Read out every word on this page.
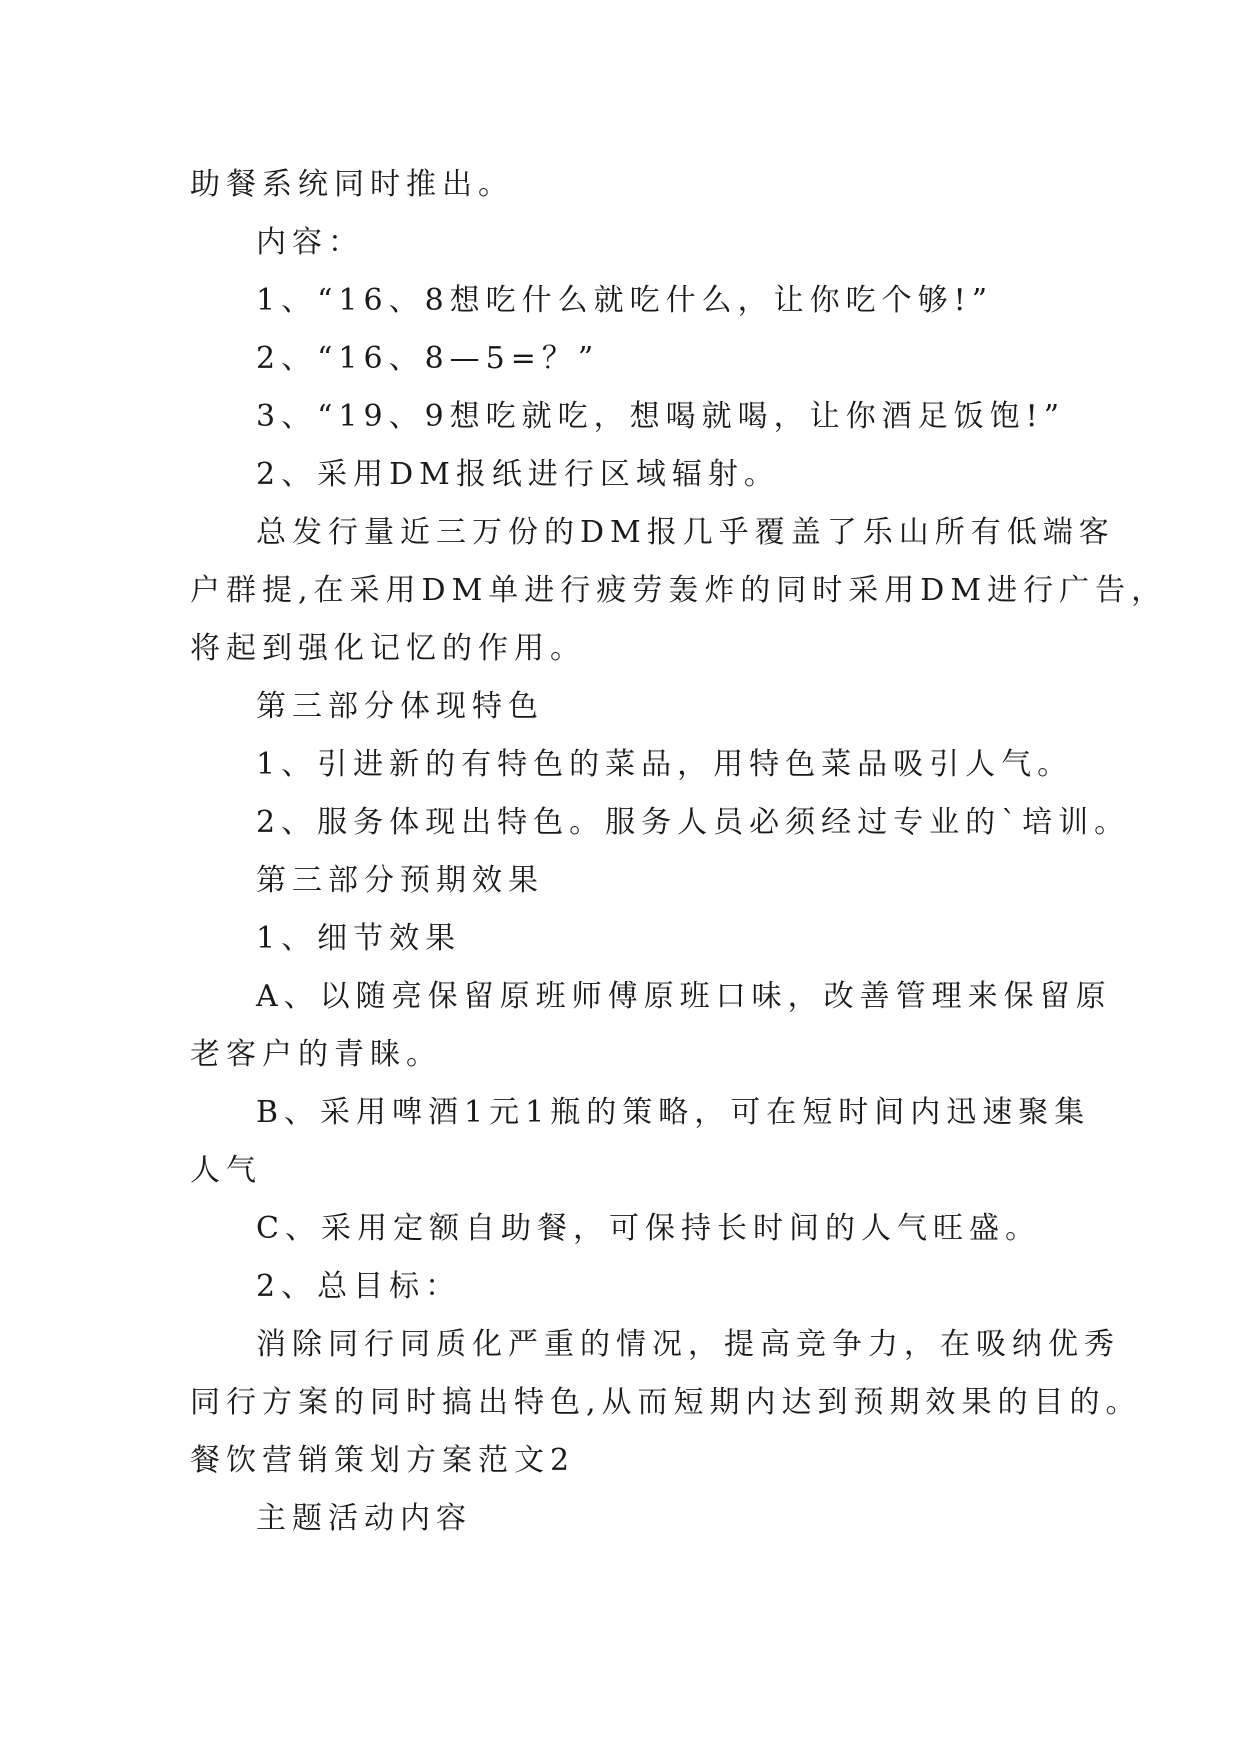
助餐系统同时推出。
内容：
1、“16、8想吃什么就吃什么，让你吃个够!”
2、“16、8—5=？”
3、“19、9想吃就吃，想喝就喝，让你酒足饭饱!”
2、采用DM报纸进行区域辐射。
总发行量近三万份的DM报几乎覆盖了乐山所有低端客
户群提,在采用DM单进行疲劳轰炸的同时采用DM进行广告，
将起到强化记忆的作用。
第三部分体现特色
1、引进新的有特色的菜品，用特色菜品吸引人气。
2、服务体现出特色。服务人员必须经过专业的`培训。
第三部分预期效果
1、细节效果
A、以随亮保留原班师傅原班口味，改善管理来保留原
老客户的青睐。
B、采用啤酒1元1瓶的策略，可在短时间内迅速聚集
人气
C、采用定额自助餐，可保持长时间的人气旺盛。
2、总目标：
消除同行同质化严重的情况，提高竞争力，在吸纳优秀
同行方案的同时搞出特色,从而短期内达到预期效果的目的。
餐饮营销策划方案范文2
主题活动内容
